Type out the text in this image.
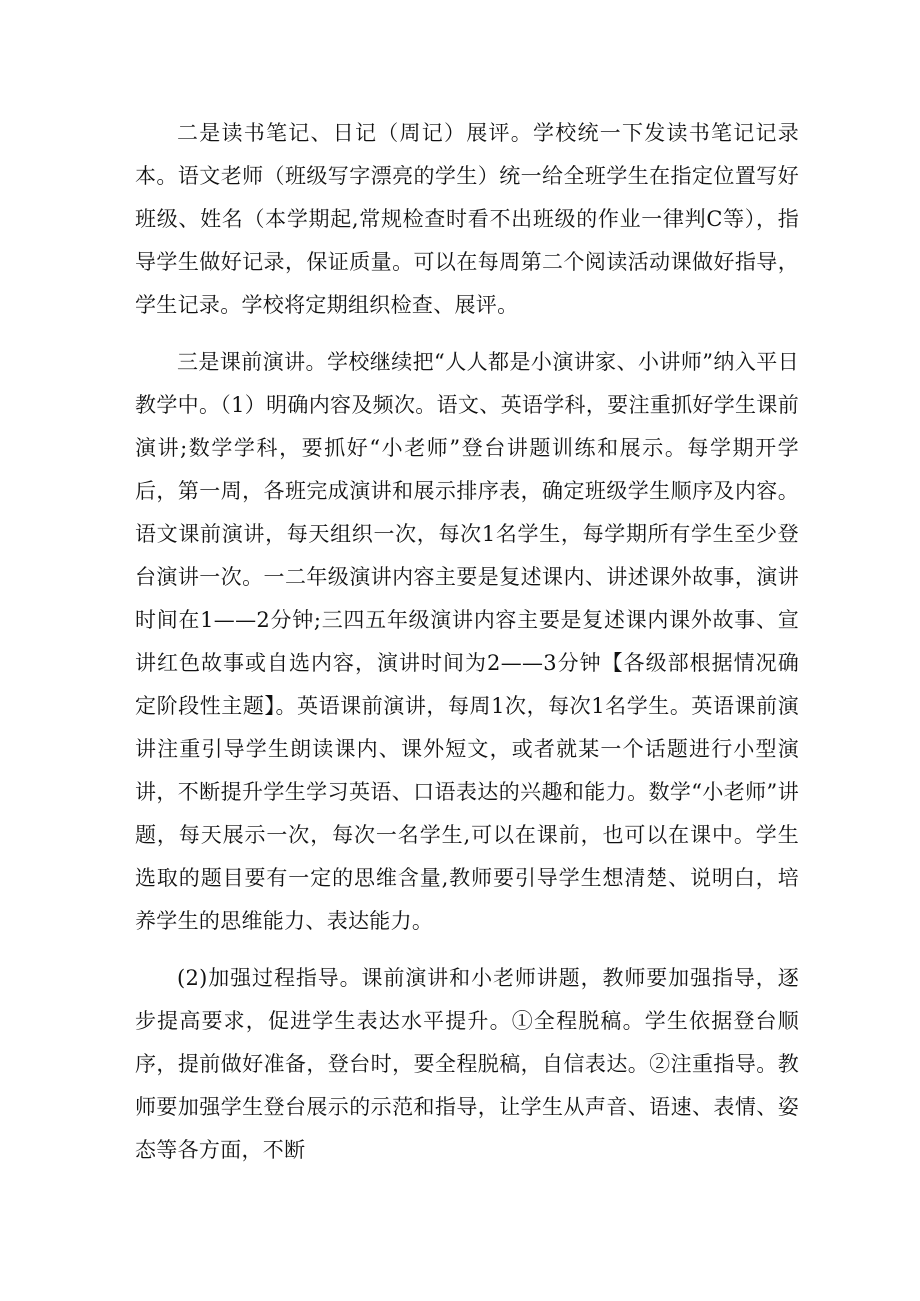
二是读书笔记、日记（周记）展评。学校统一下发读书笔记记录本。语文老师（班级写字漂亮的学生）统一给全班学生在指定位置写好班级、姓名（本学期起,常规检查时看不出班级的作业一律判C等），指导学生做好记录，保证质量。可以在每周第二个阅读活动课做好指导，学生记录。学校将定期组织检查、展评。

三是课前演讲。学校继续把“人人都是小演讲家、小讲师”纳入平日教学中。（1）明确内容及频次。语文、英语学科，要注重抓好学生课前演讲;数学学科，要抓好“小老师”登台讲题训练和展示。每学期开学后，第一周，各班完成演讲和展示排序表，确定班级学生顺序及内容。语文课前演讲，每天组织一次，每次1名学生，每学期所有学生至少登台演讲一次。一二年级演讲内容主要是复述课内、讲述课外故事，演讲时间在1——2分钟;三四五年级演讲内容主要是复述课内课外故事、宣讲红色故事或自选内容，演讲时间为2——3分钟【各级部根据情况确定阶段性主题】。英语课前演讲，每周1次，每次1名学生。英语课前演讲注重引导学生朗读课内、课外短文，或者就某一个话题进行小型演讲，不断提升学生学习英语、口语表达的兴趣和能力。数学“小老师”讲题，每天展示一次，每次一名学生,可以在课前，也可以在课中。学生选取的题目要有一定的思维含量,教师要引导学生想清楚、说明白，培养学生的思维能力、表达能力。

(2)加强过程指导。课前演讲和小老师讲题，教师要加强指导，逐步提高要求，促进学生表达水平提升。①全程脱稿。学生依据登台顺序，提前做好准备，登台时，要全程脱稿，自信表达。②注重指导。教师要加强学生登台展示的示范和指导，让学生从声音、语速、表情、姿态等各方面，不断
